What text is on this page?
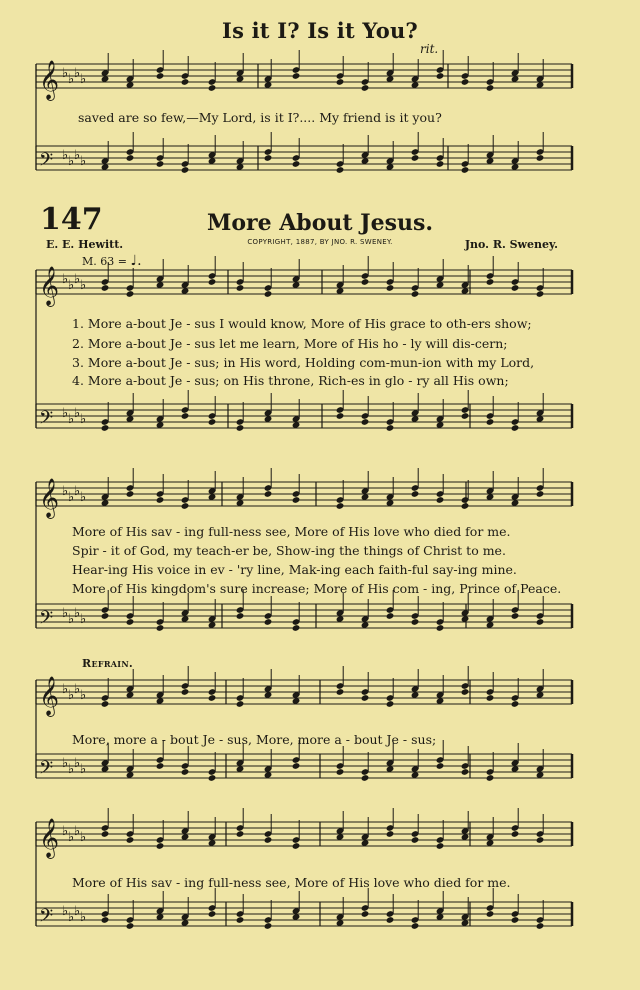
Is it I? Is it You?
rit.
saved are so few,—My Lord, is it I?.... My friend is it you?
147	More About Jesus.
E. E. Hewitt.	COPYRIGHT, 1887, BY JNO. R. SWENEY.	Jno. R. Sweney.
M. 63 = ♩.
1. More a-bout Je - sus I would know, More of His grace to oth-ers show;
2. More a-bout Je - sus let me learn, More of His ho - ly will dis-cern;
3. More a-bout Je - sus; in His word, Holding com-mun-ion with my Lord,
4. More a-bout Je - sus; on His throne, Rich-es in glo - ry all His own;
More of His sav - ing full-ness see, More of His love who died for me.
Spir - it of God, my teach-er be, Show-ing the things of Christ to me.
Hear-ing His voice in ev - 'ry line, Mak-ing each faith-ful say-ing mine.
More of His kingdom's sure increase; More of His com - ing, Prince of Peace.
Refrain.
More, more a - bout Je - sus, More, more a - bout Je - sus;
More of His sav - ing full-ness see, More of His love who died for me.
𝄞 ♭ ♭ ♭ ♭
𝄢 ♭ ♭ ♭ ♭
𝄞 ♭ ♭ ♭ ♭
𝄢 ♭ ♭ ♭ ♭
𝄞 ♭ ♭ ♭ ♭
𝄢 ♭ ♭ ♭ ♭
𝄞 ♭ ♭ ♭ ♭
𝄢 ♭ ♭ ♭ ♭
𝄞 ♭ ♭ ♭ ♭
𝄢 ♭ ♭ ♭ ♭
